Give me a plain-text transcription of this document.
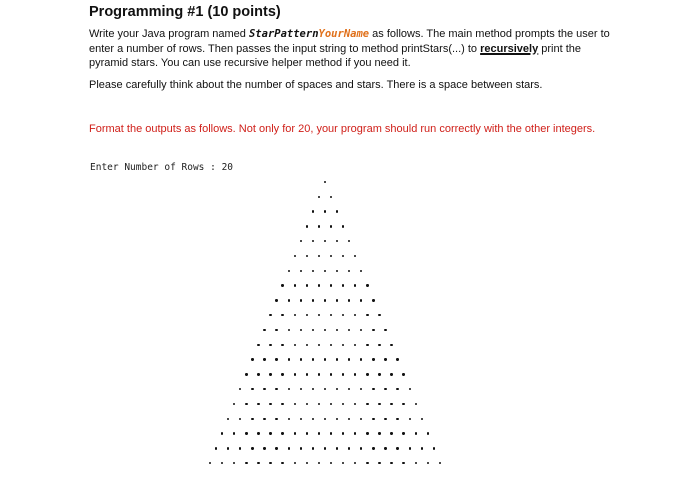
Programming #1 (10 points)

Write your Java program named StarPatternYourName as follows. The main method prompts the user to enter a number of rows. Then passes the input string to method printStars(...) to recursively print the pyramid stars. You can use recursive helper method if you need it.

Please carefully think about the number of spaces and stars. There is a space between stars.

Format the outputs as follows. Not only for 20, your program should run correctly with the other integers.
Enter Number of Rows : 20
